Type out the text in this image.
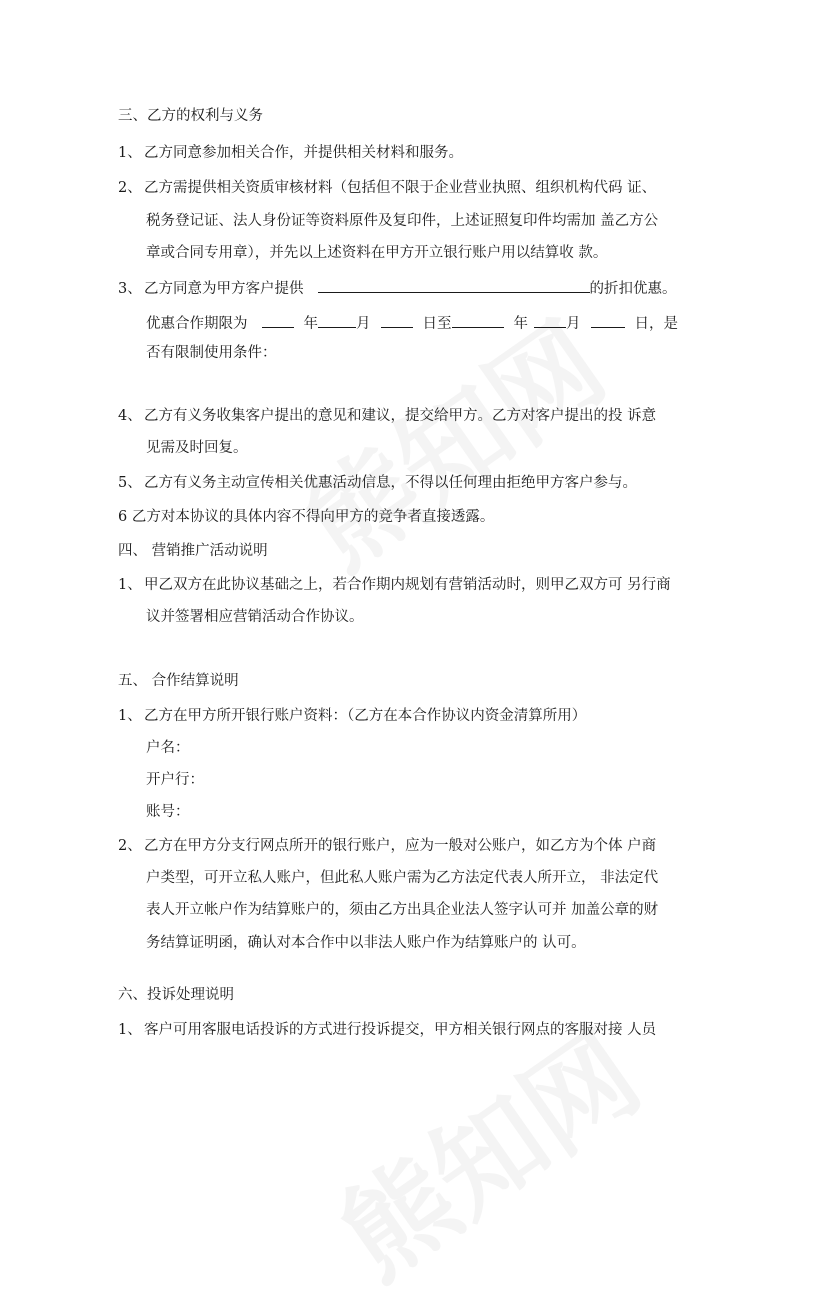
三、乙方的权利与义务
1、 乙方同意参加相关合作，并提供相关材料和服务。
2、 乙方需提供相关资质审核材料（包括但不限于企业营业执照、组织机构代码 证、
税务登记证、法人身份证等资料原件及复印件，上述证照复印件均需加 盖乙方公
章或合同专用章），并先以上述资料在甲方开立银行账户用以结算收 款。
3、 乙方同意为甲方客户提供	的折扣优惠。
优惠合作期限为	年	月	日至	年	月	日，是
否有限制使用条件：
4、 乙方有义务收集客户提出的意见和建议，提交给甲方。乙方对客户提出的投 诉意
见需及时回复。
5、 乙方有义务主动宣传相关优惠活动信息，不得以任何理由拒绝甲方客户参与。
6 乙方对本协议的具体内容不得向甲方的竞争者直接透露。
四、 营销推广活动说明
1、 甲乙双方在此协议基础之上，若合作期内规划有营销活动时，则甲乙双方可 另行商
议并签署相应营销活动合作协议。
五、 合作结算说明
1、 乙方在甲方所开银行账户资料：（乙方在本合作协议内资金清算所用）
户名：
开户行：
账号：
2、 乙方在甲方分支行网点所开的银行账户，应为一般对公账户，如乙方为个体 户商
户类型，可开立私人账户，但此私人账户需为乙方法定代表人所开立， 非法定代
表人开立帐户作为结算账户的，须由乙方出具企业法人签字认可并 加盖公章的财
务结算证明函，确认对本合作中以非法人账户作为结算账户的 认可。
六、投诉处理说明
1、 客户可用客服电话投诉的方式进行投诉提交，甲方相关银行网点的客服对接 人员
